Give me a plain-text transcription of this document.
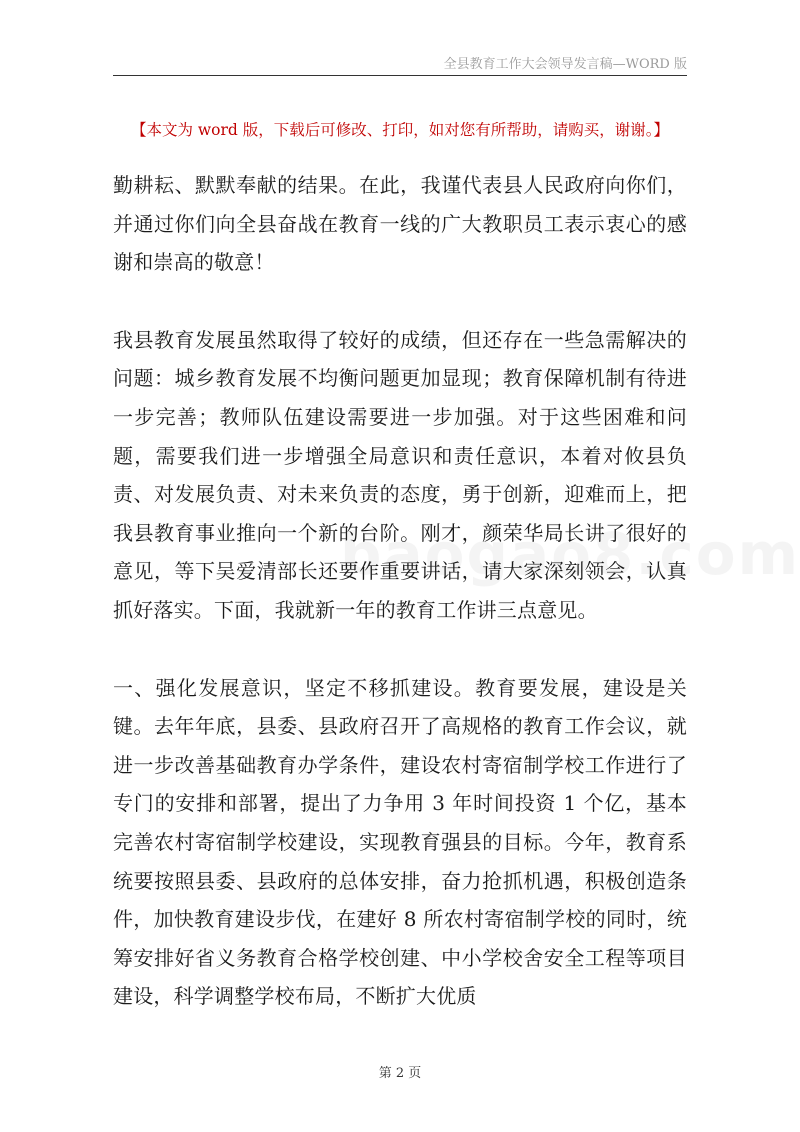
全县教育工作大会领导发言稿—WORD 版
【本文为 word 版，下载后可修改、打印，如对您有所帮助，请购买，谢谢。】

勤耕耘、默默奉献的结果。在此，我谨代表县人民政府向你们，并通过你们向全县奋战在教育一线的广大教职员工表示衷心的感谢和崇高的敬意！

我县教育发展虽然取得了较好的成绩，但还存在一些急需解决的问题：城乡教育发展不均衡问题更加显现；教育保障机制有待进一步完善；教师队伍建设需要进一步加强。对于这些困难和问题，需要我们进一步增强全局意识和责任意识，本着对攸县负责、对发展负责、对未来负责的态度，勇于创新，迎难而上，把我县教育事业推向一个新的台阶。刚才，颜荣华局长讲了很好的意见，等下吴爱清部长还要作重要讲话，请大家深刻领会，认真抓好落实。下面，我就新一年的教育工作讲三点意见。

一、强化发展意识，坚定不移抓建设。教育要发展，建设是关键。去年年底，县委、县政府召开了高规格的教育工作会议，就进一步改善基础教育办学条件，建设农村寄宿制学校工作进行了专门的安排和部署，提出了力争用 3 年时间投资 1 个亿，基本完善农村寄宿制学校建设，实现教育强县的目标。今年，教育系统要按照县委、县政府的总体安排，奋力抢抓机遇，积极创造条件，加快教育建设步伐，在建好 8 所农村寄宿制学校的同时，统筹安排好省义务教育合格学校创建、中小学校舍安全工程等项目建设，科学调整学校布局，不断扩大优质

第 2 页
